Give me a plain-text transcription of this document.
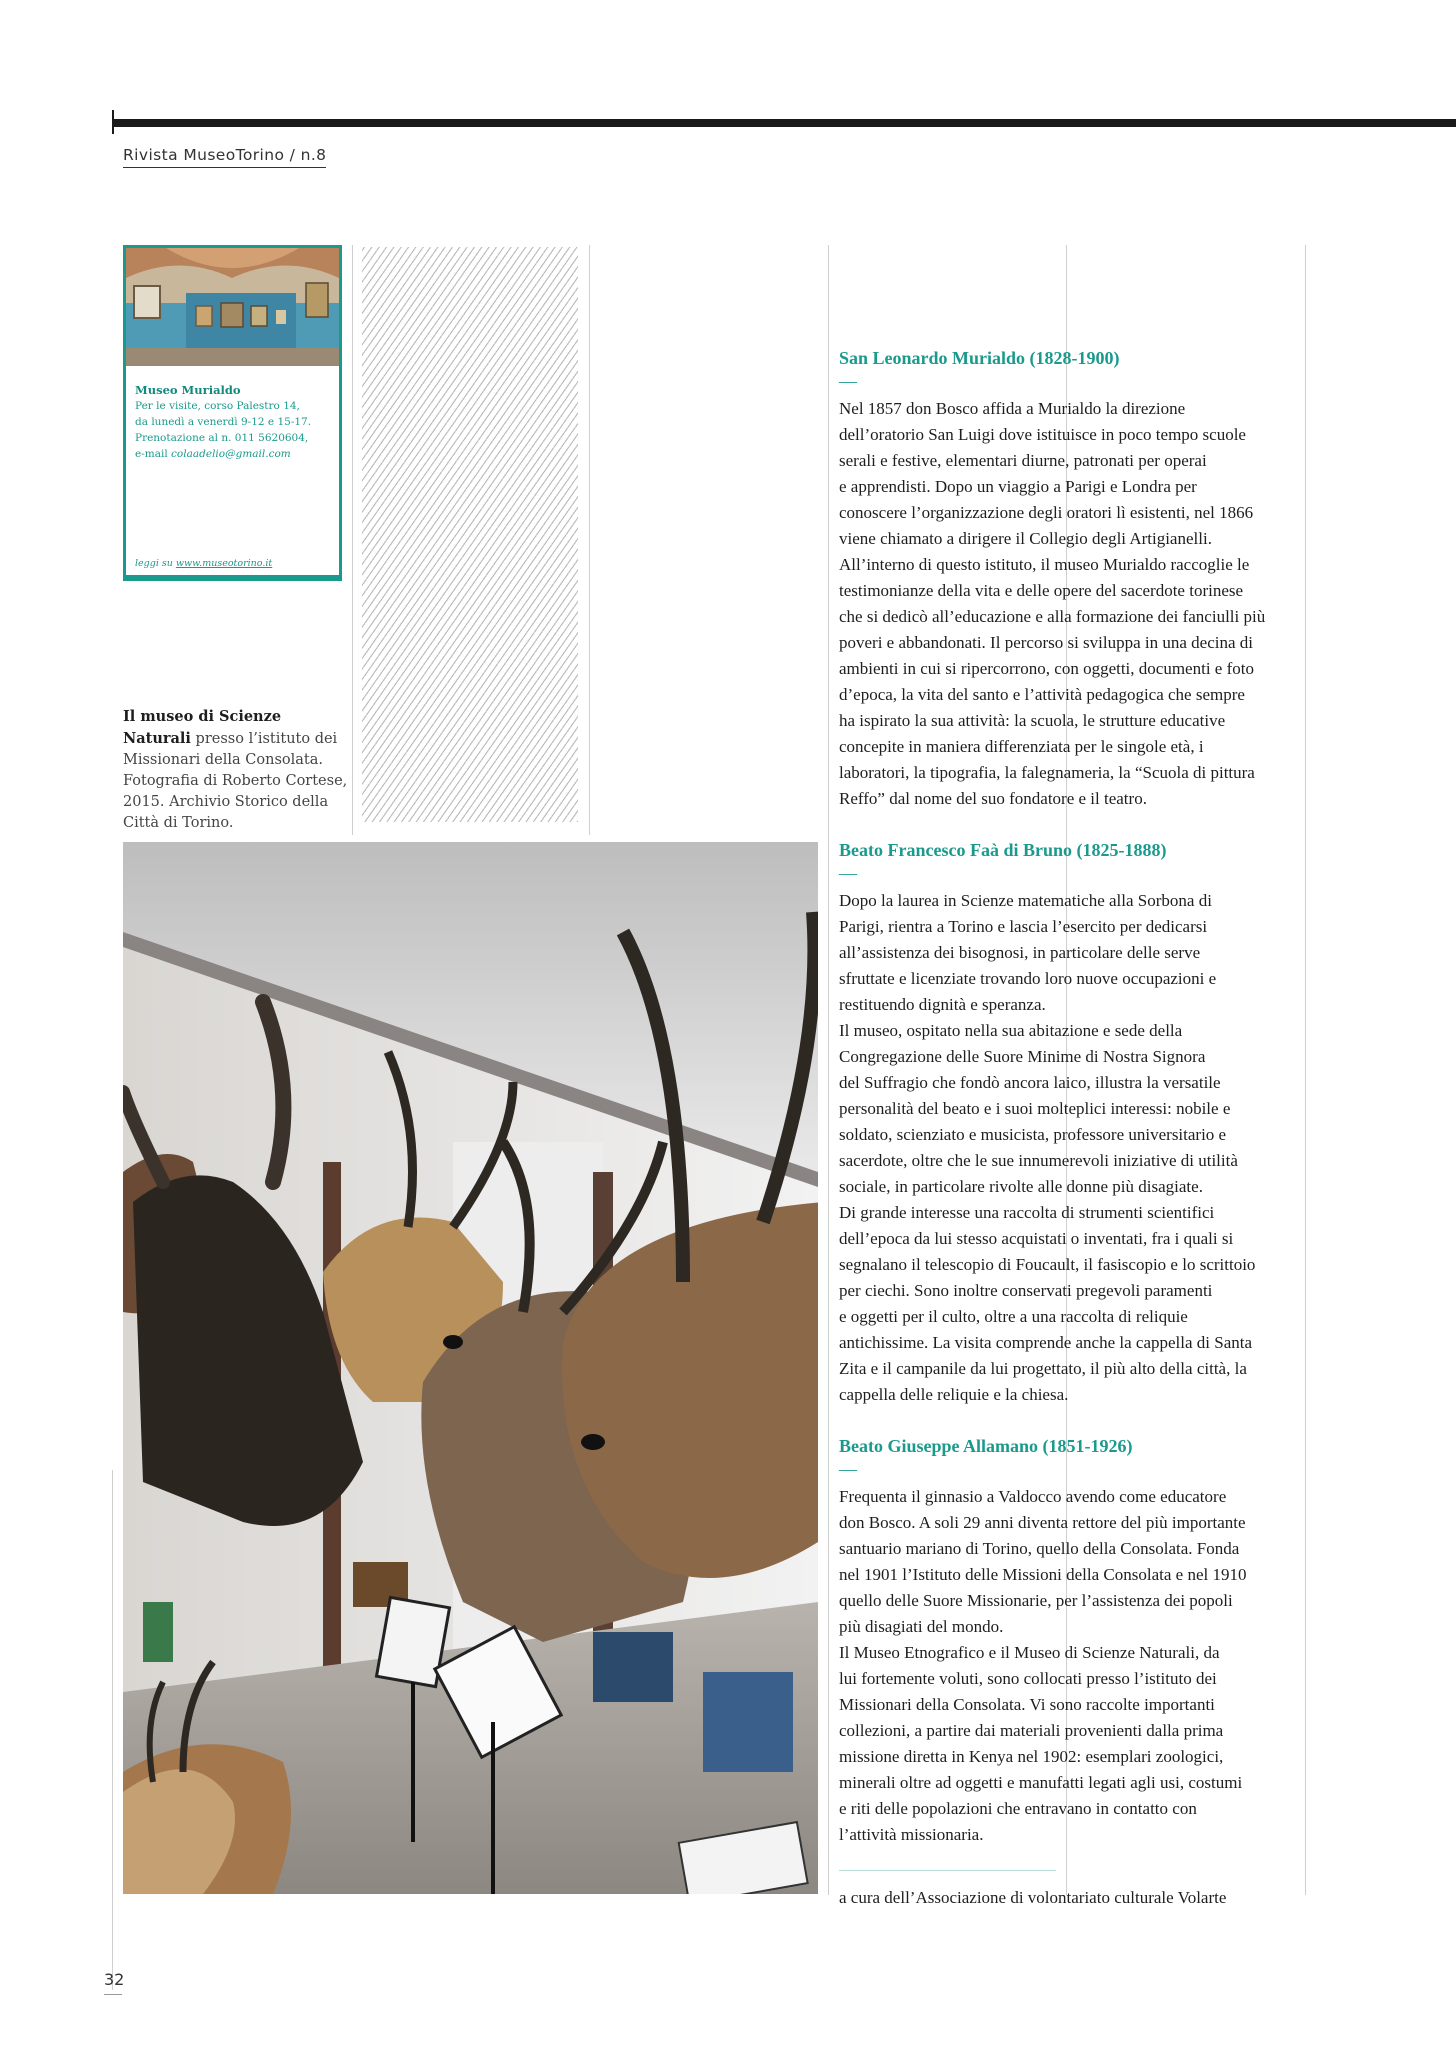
Rivista MuseoTorino / n.8
Museo Murialdo
Per le visite, corso Palestro 14,
da lunedì a venerdì 9-12 e 15-17.
Prenotazione al n. 011 5620604,
e-mail colaadelio@gmail.com
leggi su www.museotorino.it
Il museo di Scienze Naturali presso l’istituto dei Missionari della Consolata. Fotografia di Roberto Cortese, 2015. Archivio Storico della Città di Torino.
San Leonardo Murialdo (1828-1900)
—

Nel 1857 don Bosco affida a Murialdo la direzione
dell’oratorio San Luigi dove istituisce in poco tempo scuole
serali e festive, elementari diurne, patronati per operai
e apprendisti. Dopo un viaggio a Parigi e Londra per
conoscere l’organizzazione degli oratori lì esistenti, nel 1866
viene chiamato a dirigere il Collegio degli Artigianelli.
All’interno di questo istituto, il museo Murialdo raccoglie le
testimonianze della vita e delle opere del sacerdote torinese
che si dedicò all’educazione e alla formazione dei fanciulli più
poveri e abbandonati. Il percorso si sviluppa in una decina di
ambienti in cui si ripercorrono, con oggetti, documenti e foto
d’epoca, la vita del santo e l’attività pedagogica che sempre
ha ispirato la sua attività: la scuola, le strutture educative
concepite in maniera differenziata per le singole età, i
laboratori, la tipografia, la falegnameria, la “Scuola di pittura
Reffo” dal nome del suo fondatore e il teatro.

Beato Francesco Faà di Bruno (1825-1888)
—

Dopo la laurea in Scienze matematiche alla Sorbona di
Parigi, rientra a Torino e lascia l’esercito per dedicarsi
all’assistenza dei bisognosi, in particolare delle serve
sfruttate e licenziate trovando loro nuove occupazioni e
restituendo dignità e speranza.
Il museo, ospitato nella sua abitazione e sede della
Congregazione delle Suore Minime di Nostra Signora
del Suffragio che fondò ancora laico, illustra la versatile
personalità del beato e i suoi molteplici interessi: nobile e
soldato, scienziato e musicista, professore universitario e
sacerdote, oltre che le sue innumerevoli iniziative di utilità
sociale, in particolare rivolte alle donne più disagiate.
Di grande interesse una raccolta di strumenti scientifici
dell’epoca da lui stesso acquistati o inventati, fra i quali si
segnalano il telescopio di Foucault, il fasiscopio e lo scrittoio
per ciechi. Sono inoltre conservati pregevoli paramenti
e oggetti per il culto, oltre a una raccolta di reliquie
antichissime. La visita comprende anche la cappella di Santa
Zita e il campanile da lui progettato, il più alto della città, la
cappella delle reliquie e la chiesa.

Beato Giuseppe Allamano (1851-1926)
—

Frequenta il ginnasio a Valdocco avendo come educatore
don Bosco. A soli 29 anni diventa rettore del più importante
santuario mariano di Torino, quello della Consolata. Fonda
nel 1901 l’Istituto delle Missioni della Consolata e nel 1910
quello delle Suore Missionarie, per l’assistenza dei popoli
più disagiati del mondo.
Il Museo Etnografico e il Museo di Scienze Naturali, da
lui fortemente voluti, sono collocati presso l’istituto dei
Missionari della Consolata. Vi sono raccolte importanti
collezioni, a partire dai materiali provenienti dalla prima
missione diretta in Kenya nel 1902: esemplari zoologici,
minerali oltre ad oggetti e manufatti legati agli usi, costumi
e riti delle popolazioni che entravano in contatto con
l’attività missionaria.

a cura dell’Associazione di volontariato culturale Volarte
32
